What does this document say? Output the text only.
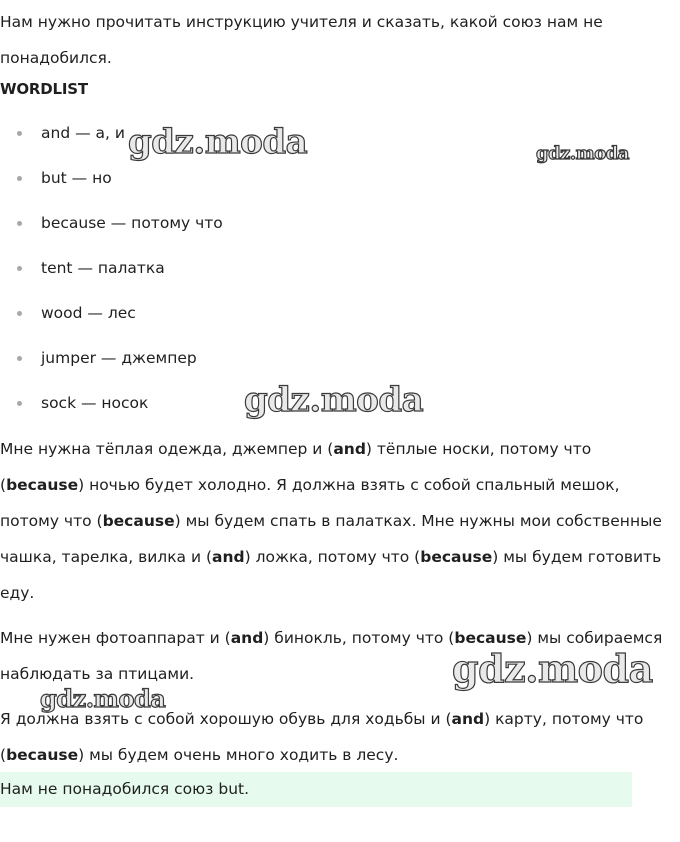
Нам нужно прочитать инструкцию учителя и сказать, какой союз нам не понадобился.

WORDLIST
and — а, и
but — но
because — потому что
tent — палатка
wood — лес
jumper — джемпер
sock — носок

Мне нужна тёплая одежда, джемпер и (and) тёплые носки, потому что (because) ночью будет холодно. Я должна взять с собой спальный мешок, потому что (because) мы будем спать в палатках. Мне нужны мои собственные чашка, тарелка, вилка и (and) ложка, потому что (because) мы будем готовить еду.

Мне нужен фотоаппарат и (and) бинокль, потому что (because) мы собираемся наблюдать за птицами.

Я должна взять с собой хорошую обувь для ходьбы и (and) карту, потому что (because) мы будем очень много ходить в лесу.

Нам не понадобился союз but.
gdz.moda	gdz.moda
gdz.moda
gdz.moda
gdz.moda
